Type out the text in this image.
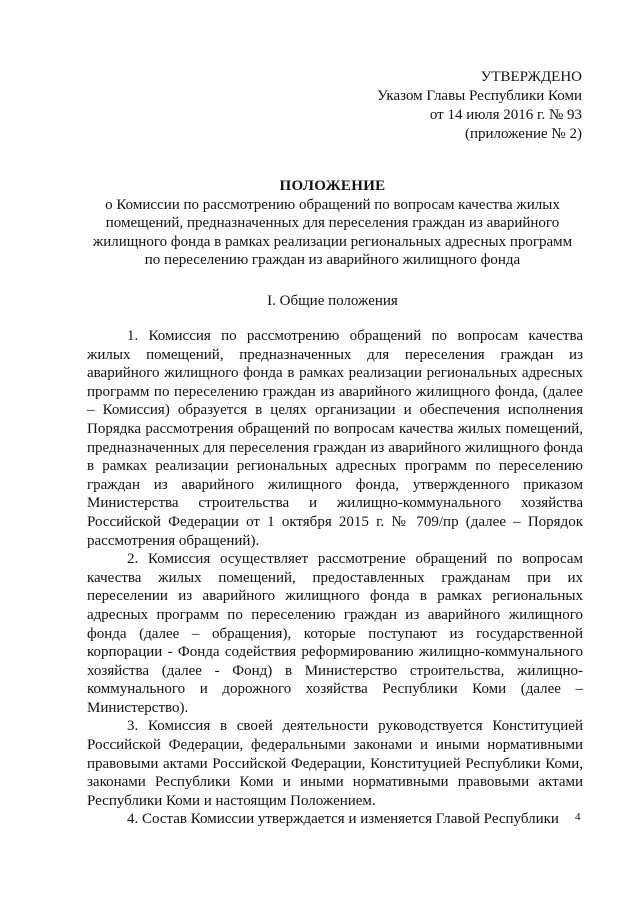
УТВЕРЖДЕНО
Указом Главы Республики Коми
от 14 июля 2016 г. № 93
(приложение № 2)
ПОЛОЖЕНИЕ
о Комиссии по рассмотрению обращений по вопросам качества жилых
помещений, предназначенных для переселения граждан из аварийного
жилищного фонда в рамках реализации региональных адресных программ
по переселению граждан из аварийного жилищного фонда
I. Общие положения

1. Комиссия по рассмотрению обращений по вопросам качества жилых помещений, предназначенных для переселения граждан из аварийного жилищного фонда в рамках реализации региональных адресных программ по переселению граждан из аварийного жилищного фонда, (далее – Комиссия) образуется в целях организации и обеспечения исполнения Порядка рассмотрения обращений по вопросам качества жилых помещений, предназначенных для переселения граждан из аварийного жилищного фонда в рамках реализации региональных адресных программ по переселению граждан из аварийного жилищного фонда, утвержденного приказом Министерства строительства и жилищно-коммунального хозяйства Российской Федерации от 1 октября 2015 г. № 709/пр (далее – Порядок рассмотрения обращений).

2. Комиссия осуществляет рассмотрение обращений по вопросам качества жилых помещений, предоставленных гражданам при их переселении из аварийного жилищного фонда в рамках региональных адресных программ по переселению граждан из аварийного жилищного фонда (далее – обращения), которые поступают из государственной корпорации - Фонда содействия реформированию жилищно-коммунального хозяйства (далее - Фонд) в Министерство строительства, жилищно-коммунального и дорожного хозяйства Республики Коми (далее – Министерство).

3. Комиссия в своей деятельности руководствуется Конституцией Российской Федерации, федеральными законами и иными нормативными правовыми актами Российской Федерации, Конституцией Республики Коми, законами Республики Коми и иными нормативными правовыми актами Республики Коми и настоящим Положением.

4. Состав Комиссии утверждается и изменяется Главой Республики	4
